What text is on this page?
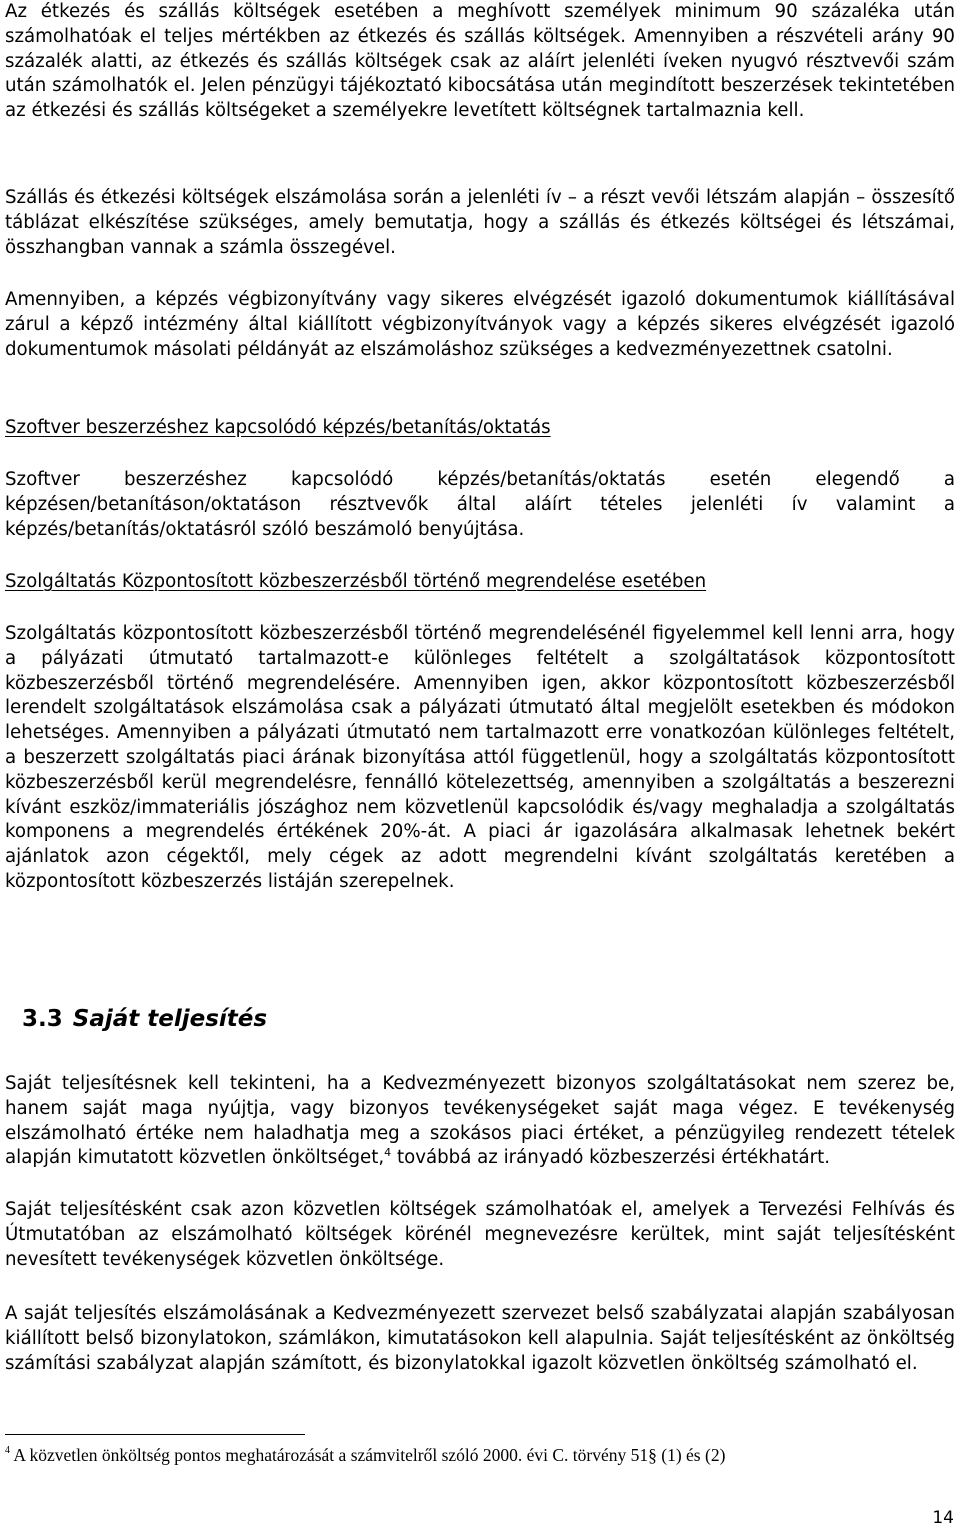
Az étkezés és szállás költségek esetében a meghívott személyek minimum 90 százaléka után számolhatóak el teljes mértékben az étkezés és szállás költségek. Amennyiben a részvételi arány 90 százalék alatti, az étkezés és szállás költségek csak az aláírt jelenléti íveken nyugvó résztvevői szám után számolhatók el. Jelen pénzügyi tájékoztató kibocsátása után megindított beszerzések tekintetében az étkezési és szállás költségeket a személyekre levetített költségnek tartalmaznia kell.

Szállás és étkezési költségek elszámolása során a jelenléti ív – a részt vevői létszám alapján – összesítő táblázat elkészítése szükséges, amely bemutatja, hogy a szállás és étkezés költségei és létszámai, összhangban vannak a számla összegével.

Amennyiben, a képzés végbizonyítvány vagy sikeres elvégzését igazoló dokumentumok kiállításával zárul a képző intézmény által kiállított végbizonyítványok vagy a képzés sikeres elvégzését igazoló dokumentumok másolati példányát az elszámoláshoz szükséges a kedvezményezettnek csatolni.

Szoftver beszerzéshez kapcsolódó képzés/betanítás/oktatás

Szoftver beszerzéshez kapcsolódó képzés/betanítás/oktatás esetén elegendő a képzésen/betanításon/oktatáson résztvevők által aláírt tételes jelenléti ív valamint a képzés/betanítás/oktatásról szóló beszámoló benyújtása.

Szolgáltatás Központosított közbeszerzésből történő megrendelése esetében

Szolgáltatás központosított közbeszerzésből történő megrendelésénél figyelemmel kell lenni arra, hogy a pályázati útmutató tartalmazott-e különleges feltételt a szolgáltatások központosított közbeszerzésből történő megrendelésére. Amennyiben igen, akkor központosított közbeszerzésből lerendelt szolgáltatások elszámolása csak a pályázati útmutató által megjelölt esetekben és módokon lehetséges. Amennyiben a pályázati útmutató nem tartalmazott erre vonatkozóan különleges feltételt, a beszerzett szolgáltatás piaci árának bizonyítása attól függetlenül, hogy a szolgáltatás központosított közbeszerzésből kerül megrendelésre, fennálló kötelezettség, amennyiben a szolgáltatás a beszerezni kívánt eszköz/immateriális jószághoz nem közvetlenül kapcsolódik és/vagy meghaladja a szolgáltatás komponens a megrendelés értékének 20%-át. A piaci ár igazolására alkalmasak lehetnek bekért ajánlatok azon cégektől, mely cégek az adott megrendelni kívánt szolgáltatás keretében a központosított közbeszerzés listáján szerepelnek.

3.3 Saját teljesítés

Saját teljesítésnek kell tekinteni, ha a Kedvezményezett bizonyos szolgáltatásokat nem szerez be, hanem saját maga nyújtja, vagy bizonyos tevékenységeket saját maga végez. E tevékenység elszámolható értéke nem haladhatja meg a szokásos piaci értéket, a pénzügyileg rendezett tételek alapján kimutatott közvetlen önköltséget,$^4$ továbbá az irányadó közbeszerzési értékhatárt.

Saját teljesítésként csak azon közvetlen költségek számolhatóak el, amelyek a Tervezési Felhívás és Útmutatóban az elszámolható költségek körénél megnevezésre kerültek, mint saját teljesítésként nevesített tevékenységek közvetlen önköltsége.

A saját teljesítés elszámolásának a Kedvezményezett szervezet belső szabályzatai alapján szabályosan kiállított belső bizonylatokon, számlákon, kimutatásokon kell alapulnia. Saját teljesítésként az önköltség számítási szabályzat alapján számított, és bizonylatokkal igazolt közvetlen önköltség számolható el.

$^4$ A közvetlen önköltség pontos meghatározását a számvitelről szóló 2000. évi C. törvény 51§ (1) és (2)
14
